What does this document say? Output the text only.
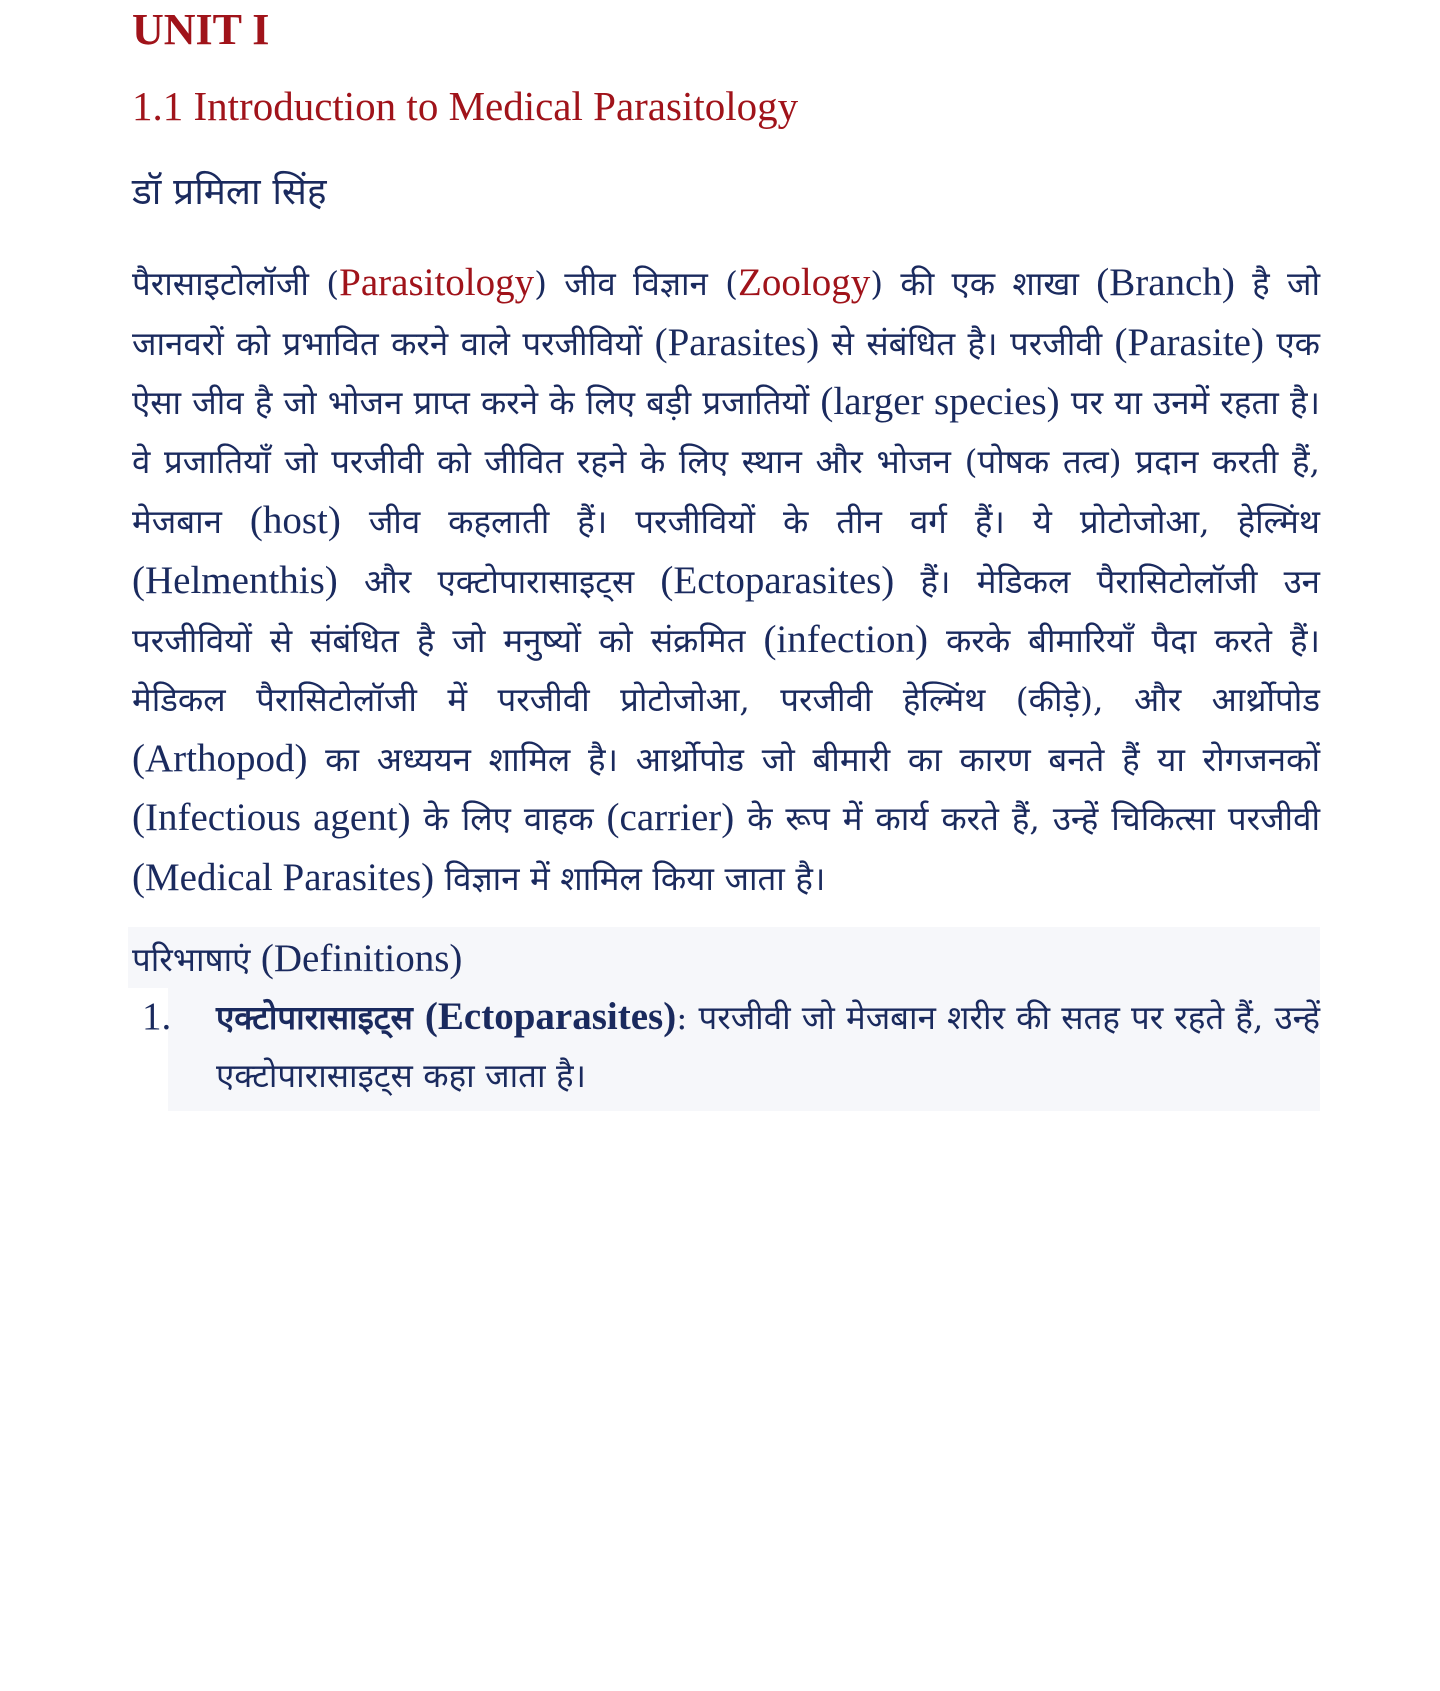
UNIT I
1.1 Introduction to Medical Parasitology
डॉ प्रमिला सिंह

पैरासाइटोलॉजी (Parasitology) जीव विज्ञान (Zoology) की एक शाखा (Branch) है जो जानवरों को प्रभावित करने वाले परजीवियों (Parasites) से संबंधित है। परजीवी (Parasite) एक ऐसा जीव है जो भोजन प्राप्त करने के लिए बड़ी प्रजातियों (larger species) पर या उनमें रहता है। वे प्रजातियाँ जो परजीवी को जीवित रहने के लिए स्थान और भोजन (पोषक तत्व) प्रदान करती हैं, मेजबान (host) जीव कहलाती हैं। परजीवियों के तीन वर्ग हैं। ये प्रोटोजोआ, हेल्मिंथ (Helmenthis) और एक्टोपारासाइट्स (Ectoparasites) हैं। मेडिकल पैरासिटोलॉजी उन परजीवियों से संबंधित है जो मनुष्यों को संक्रमित (infection) करके बीमारियाँ पैदा करते हैं। मेडिकल पैरासिटोलॉजी में परजीवी प्रोटोजोआ, परजीवी हेल्मिंथ (कीड़े), और आर्थ्रोपोड (Arthopod) का अध्ययन शामिल है। आर्थ्रोपोड जो बीमारी का कारण बनते हैं या रोगजनकों (Infectious agent) के लिए वाहक (carrier) के रूप में कार्य करते हैं, उन्हें चिकित्सा परजीवी (Medical Parasites) विज्ञान में शामिल किया जाता है।

परिभाषाएं (Definitions)
1. एक्टोपारासाइट्स (Ectoparasites): परजीवी जो मेजबान शरीर की सतह पर रहते हैं, उन्हें एक्टोपारासाइट्स कहा जाता है।
